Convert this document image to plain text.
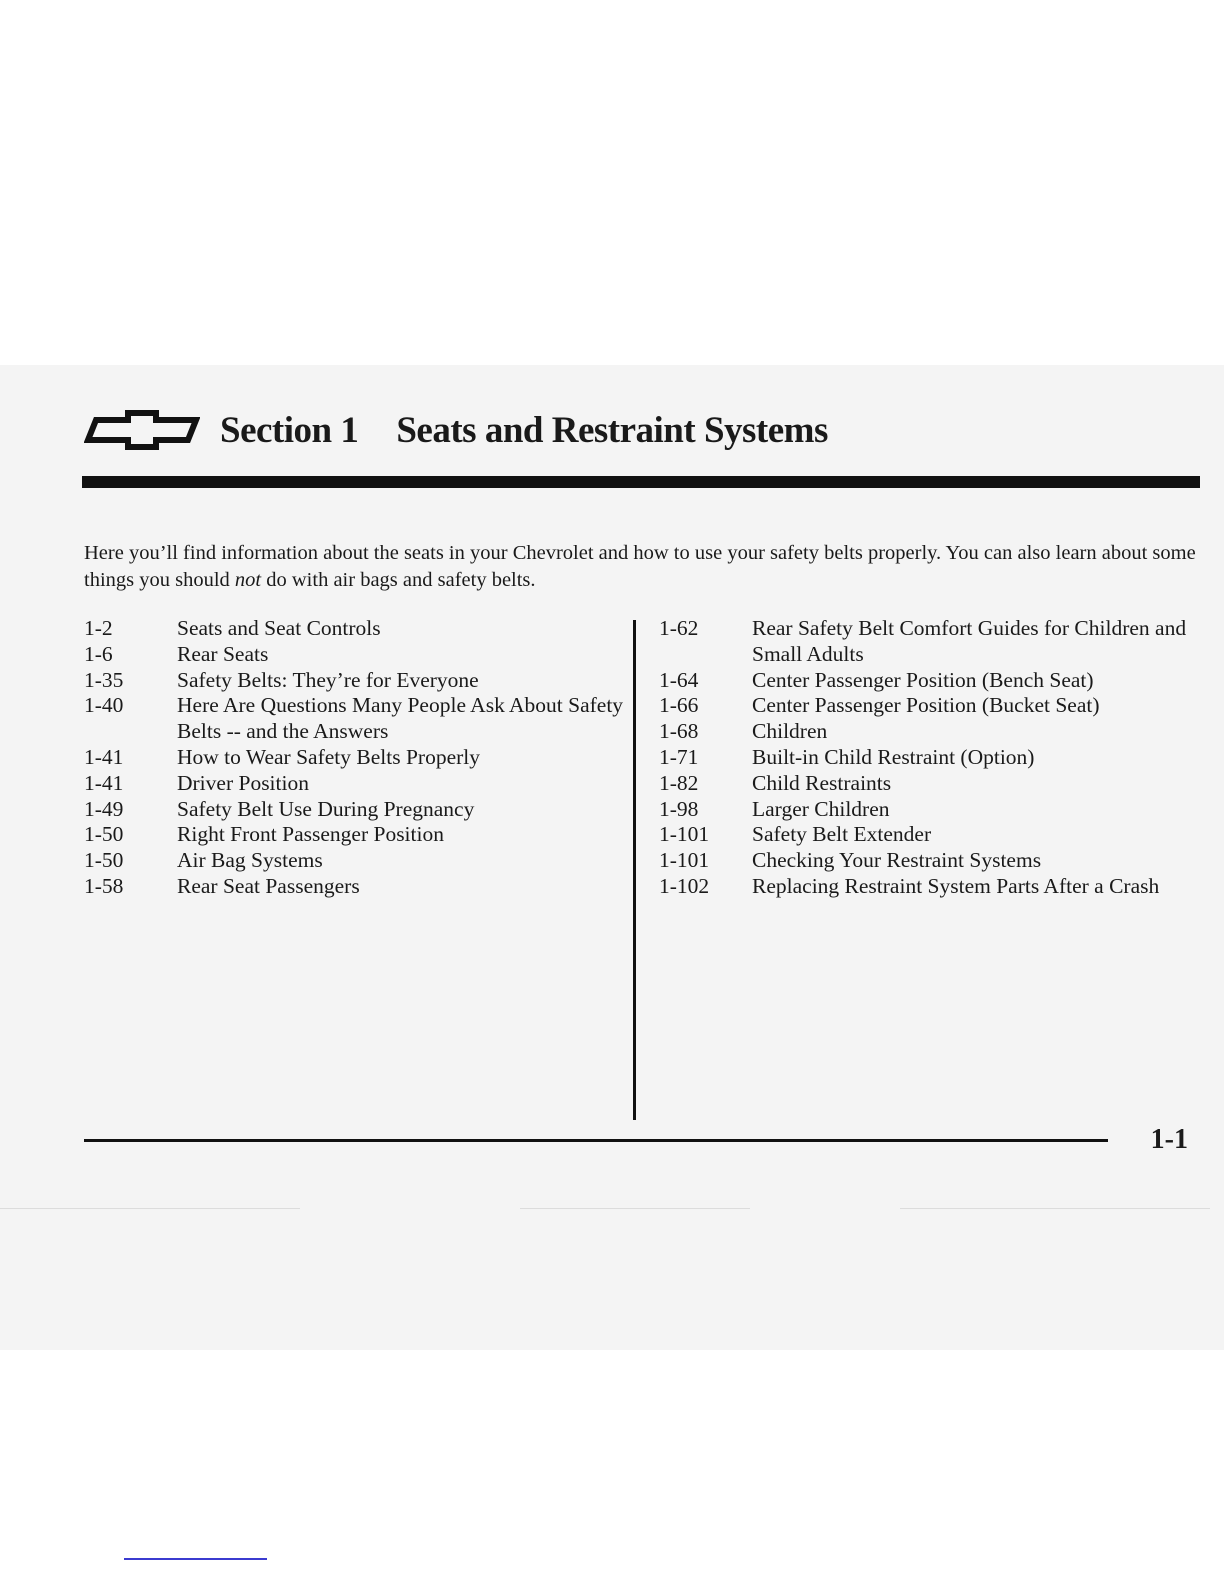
Section 1 Seats and Restraint Systems

Here you’ll find information about the seats in your Chevrolet and how to use your safety belts properly. You can also learn about some things you should not do with air bags and safety belts.

1-2	Seats and Seat Controls
1-6	Rear Seats
1-35	Safety Belts: They’re for Everyone
1-40	Here Are Questions Many People Ask About Safety Belts -- and the Answers
1-41	How to Wear Safety Belts Properly
1-41	Driver Position
1-49	Safety Belt Use During Pregnancy
1-50	Right Front Passenger Position
1-50	Air Bag Systems
1-58	Rear Seat Passengers
1-62	Rear Safety Belt Comfort Guides for Children and Small Adults
1-64	Center Passenger Position (Bench Seat)
1-66	Center Passenger Position (Bucket Seat)
1-68	Children
1-71	Built-in Child Restraint (Option)
1-82	Child Restraints
1-98	Larger Children
1-101	Safety Belt Extender
1-101	Checking Your Restraint Systems
1-102	Replacing Restraint System Parts After a Crash
1-1
